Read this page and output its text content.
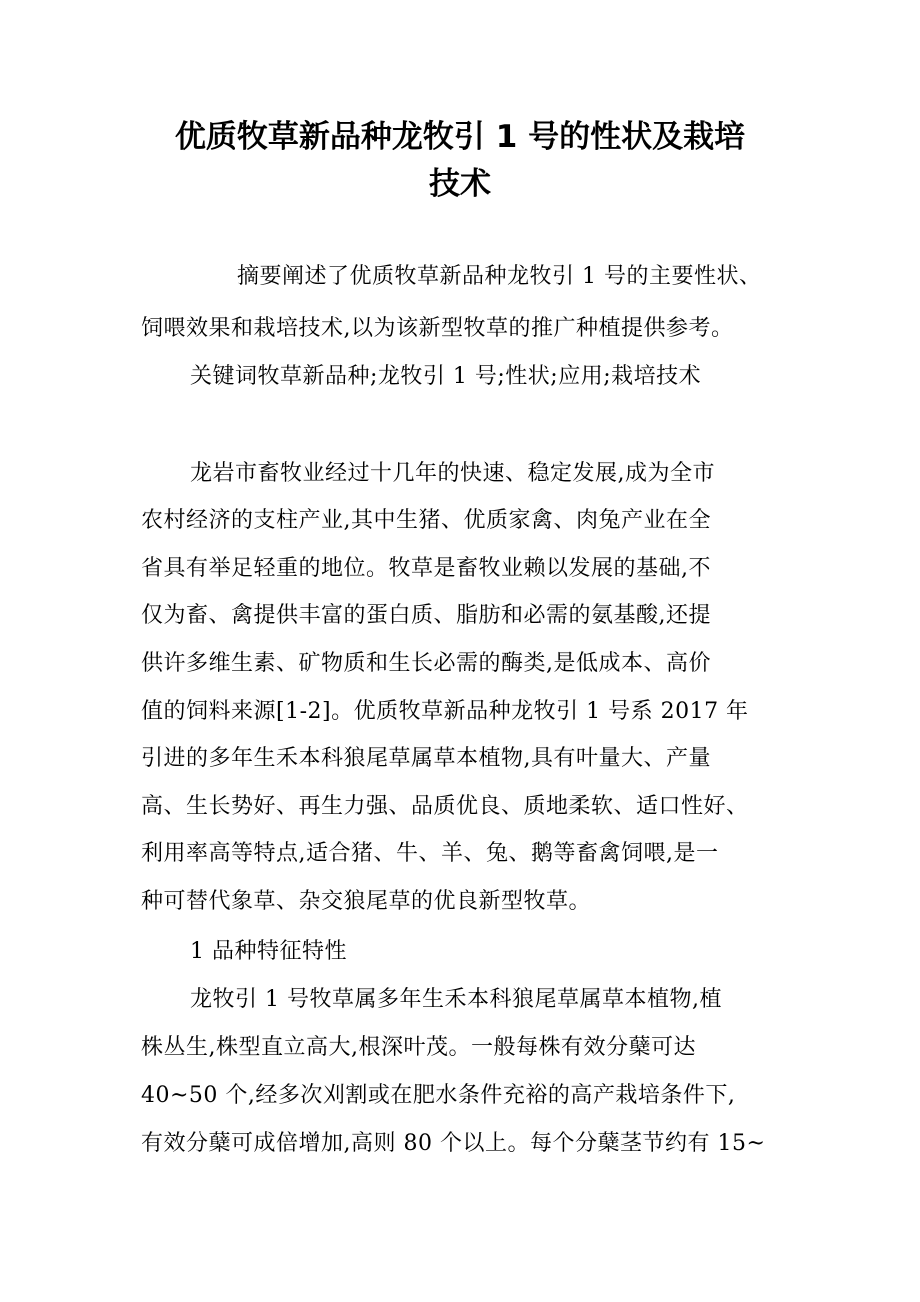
优质牧草新品种龙牧引 1 号的性状及栽培
技术
摘要阐述了优质牧草新品种龙牧引 1 号的主要性状、
饲喂效果和栽培技术,以为该新型牧草的推广种植提供参考。
关键词牧草新品种;龙牧引 1 号;性状;应用;栽培技术
龙岩市畜牧业经过十几年的快速、稳定发展,成为全市
农村经济的支柱产业,其中生猪、优质家禽、肉兔产业在全
省具有举足轻重的地位。牧草是畜牧业赖以发展的基础,不
仅为畜、禽提供丰富的蛋白质、脂肪和必需的氨基酸,还提
供许多维生素、矿物质和生长必需的酶类,是低成本、高价
值的饲料来源[1-2]。优质牧草新品种龙牧引 1 号系 2017 年
引进的多年生禾本科狼尾草属草本植物,具有叶量大、产量
高、生长势好、再生力强、品质优良、质地柔软、适口性好、
利用率高等特点,适合猪、牛、羊、兔、鹅等畜禽饲喂,是一
种可替代象草、杂交狼尾草的优良新型牧草。
1 品种特征特性
龙牧引 1 号牧草属多年生禾本科狼尾草属草本植物,植
株丛生,株型直立高大,根深叶茂。一般每株有效分蘖可达
40~50 个,经多次刈割或在肥水条件充裕的高产栽培条件下,
有效分蘖可成倍增加,高则 80 个以上。每个分蘖茎节约有 15~
